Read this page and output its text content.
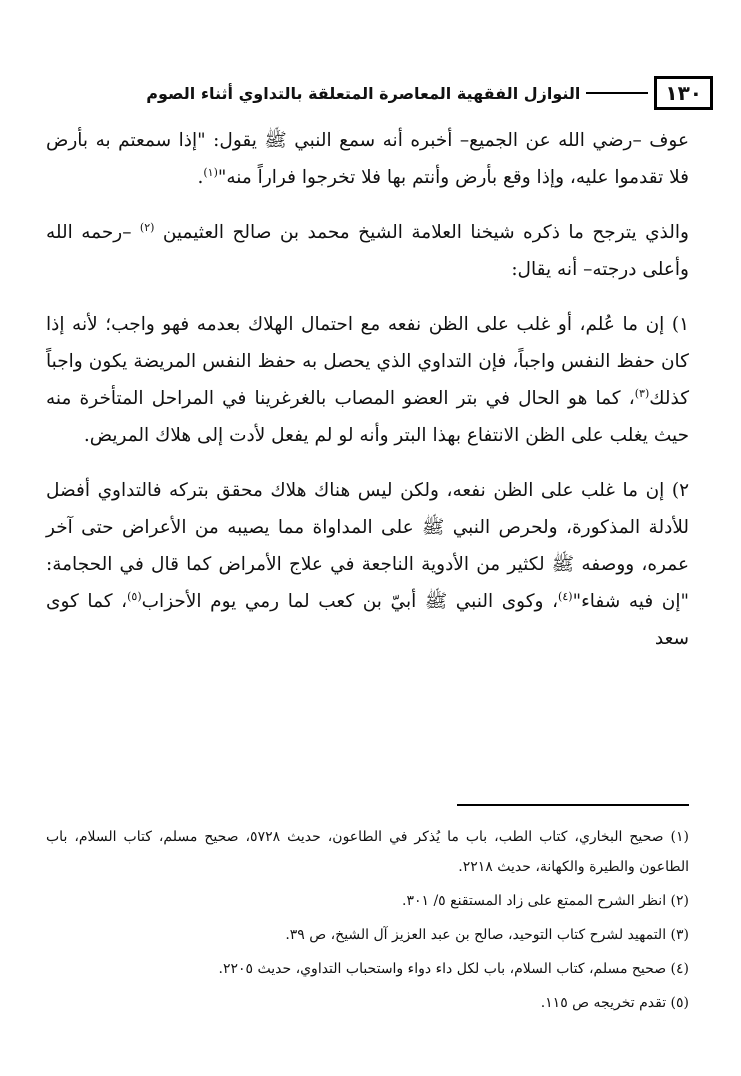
١٣٠
النوازل الفقهية المعاصرة المتعلقة بالتداوي أثناء الصوم

عوف –رضي الله عن الجميع– أخبره أنه سمع النبي ﷺ يقول: "إذا سمعتم به بأرض فلا تقدموا عليه، وإذا وقع بأرض وأنتم بها فلا تخرجوا فراراً منه"$^{(١)}$.

والذي يترجح ما ذكره شيخنا العلامة الشيخ محمد بن صالح العثيمين $^{(٢)}$ –رحمه الله وأعلى درجته– أنه يقال:

١) إن ما عُلم، أو غلب على الظن نفعه مع احتمال الهلاك بعدمه فهو واجب؛ لأنه إذا كان حفظ النفس واجباً، فإن التداوي الذي يحصل به حفظ النفس المريضة يكون واجباً كذلك$^{(٣)}$، كما هو الحال في بتر العضو المصاب بالغرغرينا في المراحل المتأخرة منه حيث يغلب على الظن الانتفاع بهذا البتر وأنه لو لم يفعل لأدت إلى هلاك المريض.

٢) إن ما غلب على الظن نفعه، ولكن ليس هناك هلاك محقق بتركه فالتداوي أفضل للأدلة المذكورة، ولحرص النبي ﷺ على المداواة مما يصيبه من الأعراض حتى آخر عمره، ووصفه ﷺ لكثير من الأدوية الناجعة في علاج الأمراض كما قال في الحجامة: "إن فيه شفاء"$^{(٤)}$، وكوى النبي ﷺ أبيّ بن كعب لما رمي يوم الأحزاب$^{(٥)}$، كما كوى سعد

(١) صحيح البخاري، كتاب الطب، باب ما يُذكر في الطاعون، حديث ٥٧٢٨، صحيح مسلم، كتاب السلام، باب الطاعون والطيرة والكهانة، حديث ٢٢١٨.

(٢) انظر الشرح الممتع على زاد المستقنع ٥/ ٣٠١.

(٣) التمهيد لشرح كتاب التوحيد، صالح بن عبد العزيز آل الشيخ، ص ٣٩.

(٤) صحيح مسلم، كتاب السلام، باب لكل داء دواء واستحباب التداوي، حديث ٢٢٠٥.

(٥) تقدم تخريجه ص ١١٥.
